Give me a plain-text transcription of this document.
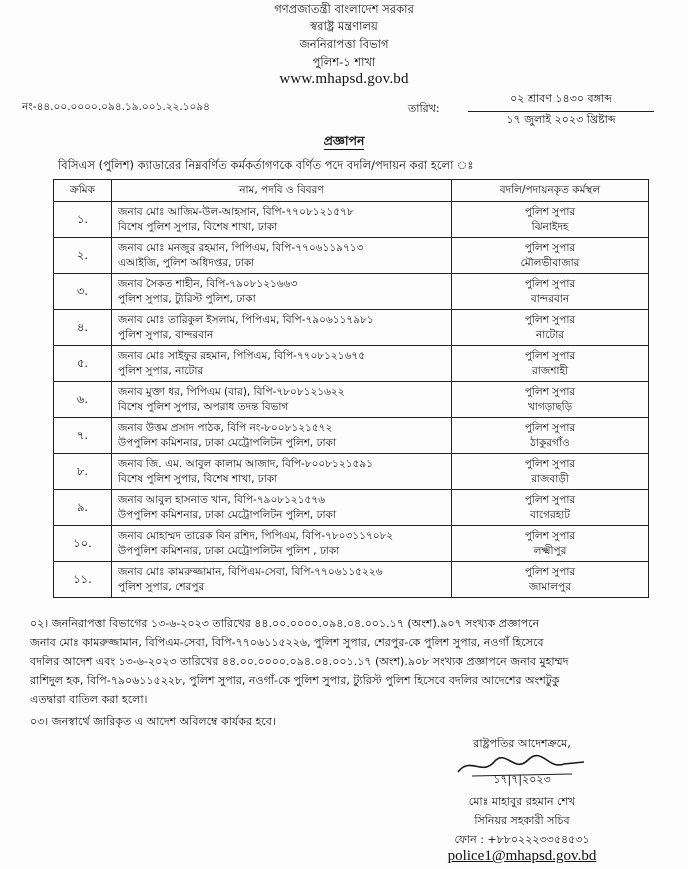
গণপ্রজাতন্ত্রী বাংলাদেশ সরকার
স্বরাষ্ট্র মন্ত্রণালয়
জননিরাপত্তা বিভাগ
পুলিশ-১ শাখা
www.mhapsd.gov.bd
নং-৪৪.০০.০০০০.০৯৪.১৯.০০১.২২.১০৯৪	তারিখ:
০২ শ্রাবণ ১৪৩০ বঙ্গাব্দ
১৭ জুলাই ২০২৩ খ্রিষ্টাব্দ
প্রজ্ঞাপন
বিসিএস (পুলিশ) ক্যাডারের নিম্নবর্ণিত কর্মকর্তাগণকে বর্ণিত পদে বদলি/পদায়ন করা হলো ঃ
ক্রমিক	নাম, পদবি ও বিবরণ	বদলি/পদায়নকৃত কর্মস্থল
১.	জনাব মোঃ আজিম-উল-আহসান, বিপি-৭৭০৮১২১৫৭৮
বিশেষ পুলিশ সুপার, বিশেষ শাখা, ঢাকা	পুলিশ সুপার
ঝিনাইদহ

২.	জনাব মোঃ মনজুর রহমান, পিপিএম, বিপি-৭৭০৬১১৯৭১৩
এআইজি, পুলিশ অধিদপ্তর, ঢাকা	পুলিশ সুপার
মৌলভীবাজার

৩.	জনাব সৈকত শাহীন, বিপি-৭৯০৮১২১৬৬৩
পুলিশ সুপার, ট্যুরিস্ট পুলিশ, ঢাকা	পুলিশ সুপার
বান্দরবান

৪.	জনাব মোঃ তারিকুল ইসলাম, পিপিএম, বিপি-৭৯০৬১১৭৯৮১
পুলিশ সুপার, বান্দরবান	পুলিশ সুপার
নাটোর

৫.	জনাব মোঃ সাইফুর রহমান, পিপিএম, বিপি-৭৭০৮১২১৬৭৫
পুলিশ সুপার, নাটোর	পুলিশ সুপার
রাজশাহী

৬.	জনাব মুক্তা ধর, পিপিএম (বার), বিপি-৭৮০৮১২১৬২২
বিশেষ পুলিশ সুপার, অপরাধ তদন্ত বিভাগ	পুলিশ সুপার
খাগড়াছড়ি

৭.	জনাব উত্তম প্রসাদ পাঠক, বিপি নং-৮০০৮১২১৫৭২
উপপুলিশ কমিশনার, ঢাকা মেট্রোপলিটন পুলিশ, ঢাকা	পুলিশ সুপার
ঠাকুরগাঁও

৮.	জনাব জি. এম. আবুল কালাম আজাদ, বিপি-৮০০৮১২১৫৯১
বিশেষ পুলিশ সুপার, বিশেষ শাখা, ঢাকা	পুলিশ সুপার
রাজবাড়ী

৯.	জনাব আবুল হাসনাত খান, বিপি-৭৯০৮১২১৫৭৬
উপপুলিশ কমিশনার, ঢাকা মেট্রোপলিটন পুলিশ, ঢাকা	পুলিশ সুপার
বাগেরহাট

১০.	জনাব মোহাম্মদ তারেক বিন রশিদ, পিপিএম, বিপি-৭৮০৩১১৭০৮২
উপপুলিশ কমিশনার, ঢাকা মেট্রোপলিটন পুলিশ , ঢাকা	পুলিশ সুপার
লক্ষ্মীপুর

১১.	জনাব মোঃ কামরুজ্জামান, বিপিএম-সেবা, বিপি-৭৭০৬১১৫২২৬
পুলিশ সুপার, শেরপুর	পুলিশ সুপার
জামালপুর
০২। জননিরাপত্তা বিভাগের ১৩-৬-২০২৩ তারিখের ৪৪.০০.০০০০.০৯৪.০৪.০০১.১৭ (অংশ).৯০৭ সংখ্যক প্রজ্ঞাপনে
জনাব মোঃ কামরুজ্জামান, বিপিএম-সেবা, বিপি-৭৭০৬১১৫২২৬, পুলিশ সুপার, শেরপুর-কে পুলিশ সুপার, নওগাঁ হিসেবে
বদলির আদেশ এবং ১৩-৬-২০২৩ তারিখের ৪৪.০০.০০০০.০৯৪.০৪.০০১.১৭ (অংশ).৯০৮ সংখ্যক প্রজ্ঞাপনে জনাব মুহাম্মদ
রাশিদুল হক, বিপি-৭৯০৬১১৫২২৮, পুলিশ সুপার, নওগাঁ-কে পুলিশ সুপার, ট্যুরিস্ট পুলিশ হিসেবে বদলির আদেশের অংশটুকু
এতদ্বারা বাতিল করা হলো।
০৩। জনস্বার্থে জারিকৃত এ আদেশ অবিলম্বে কার্যকর হবে।
রাষ্ট্রপতির আদেশক্রমে,
১৭|৭|২০২৩
মোঃ মাহাবুর রহমান শেখ
সিনিয়র সহকারী সচিব
ফোন : +৮৮০২২২৩৩৫৪৫৩১
police1@mhapsd.gov.bd
